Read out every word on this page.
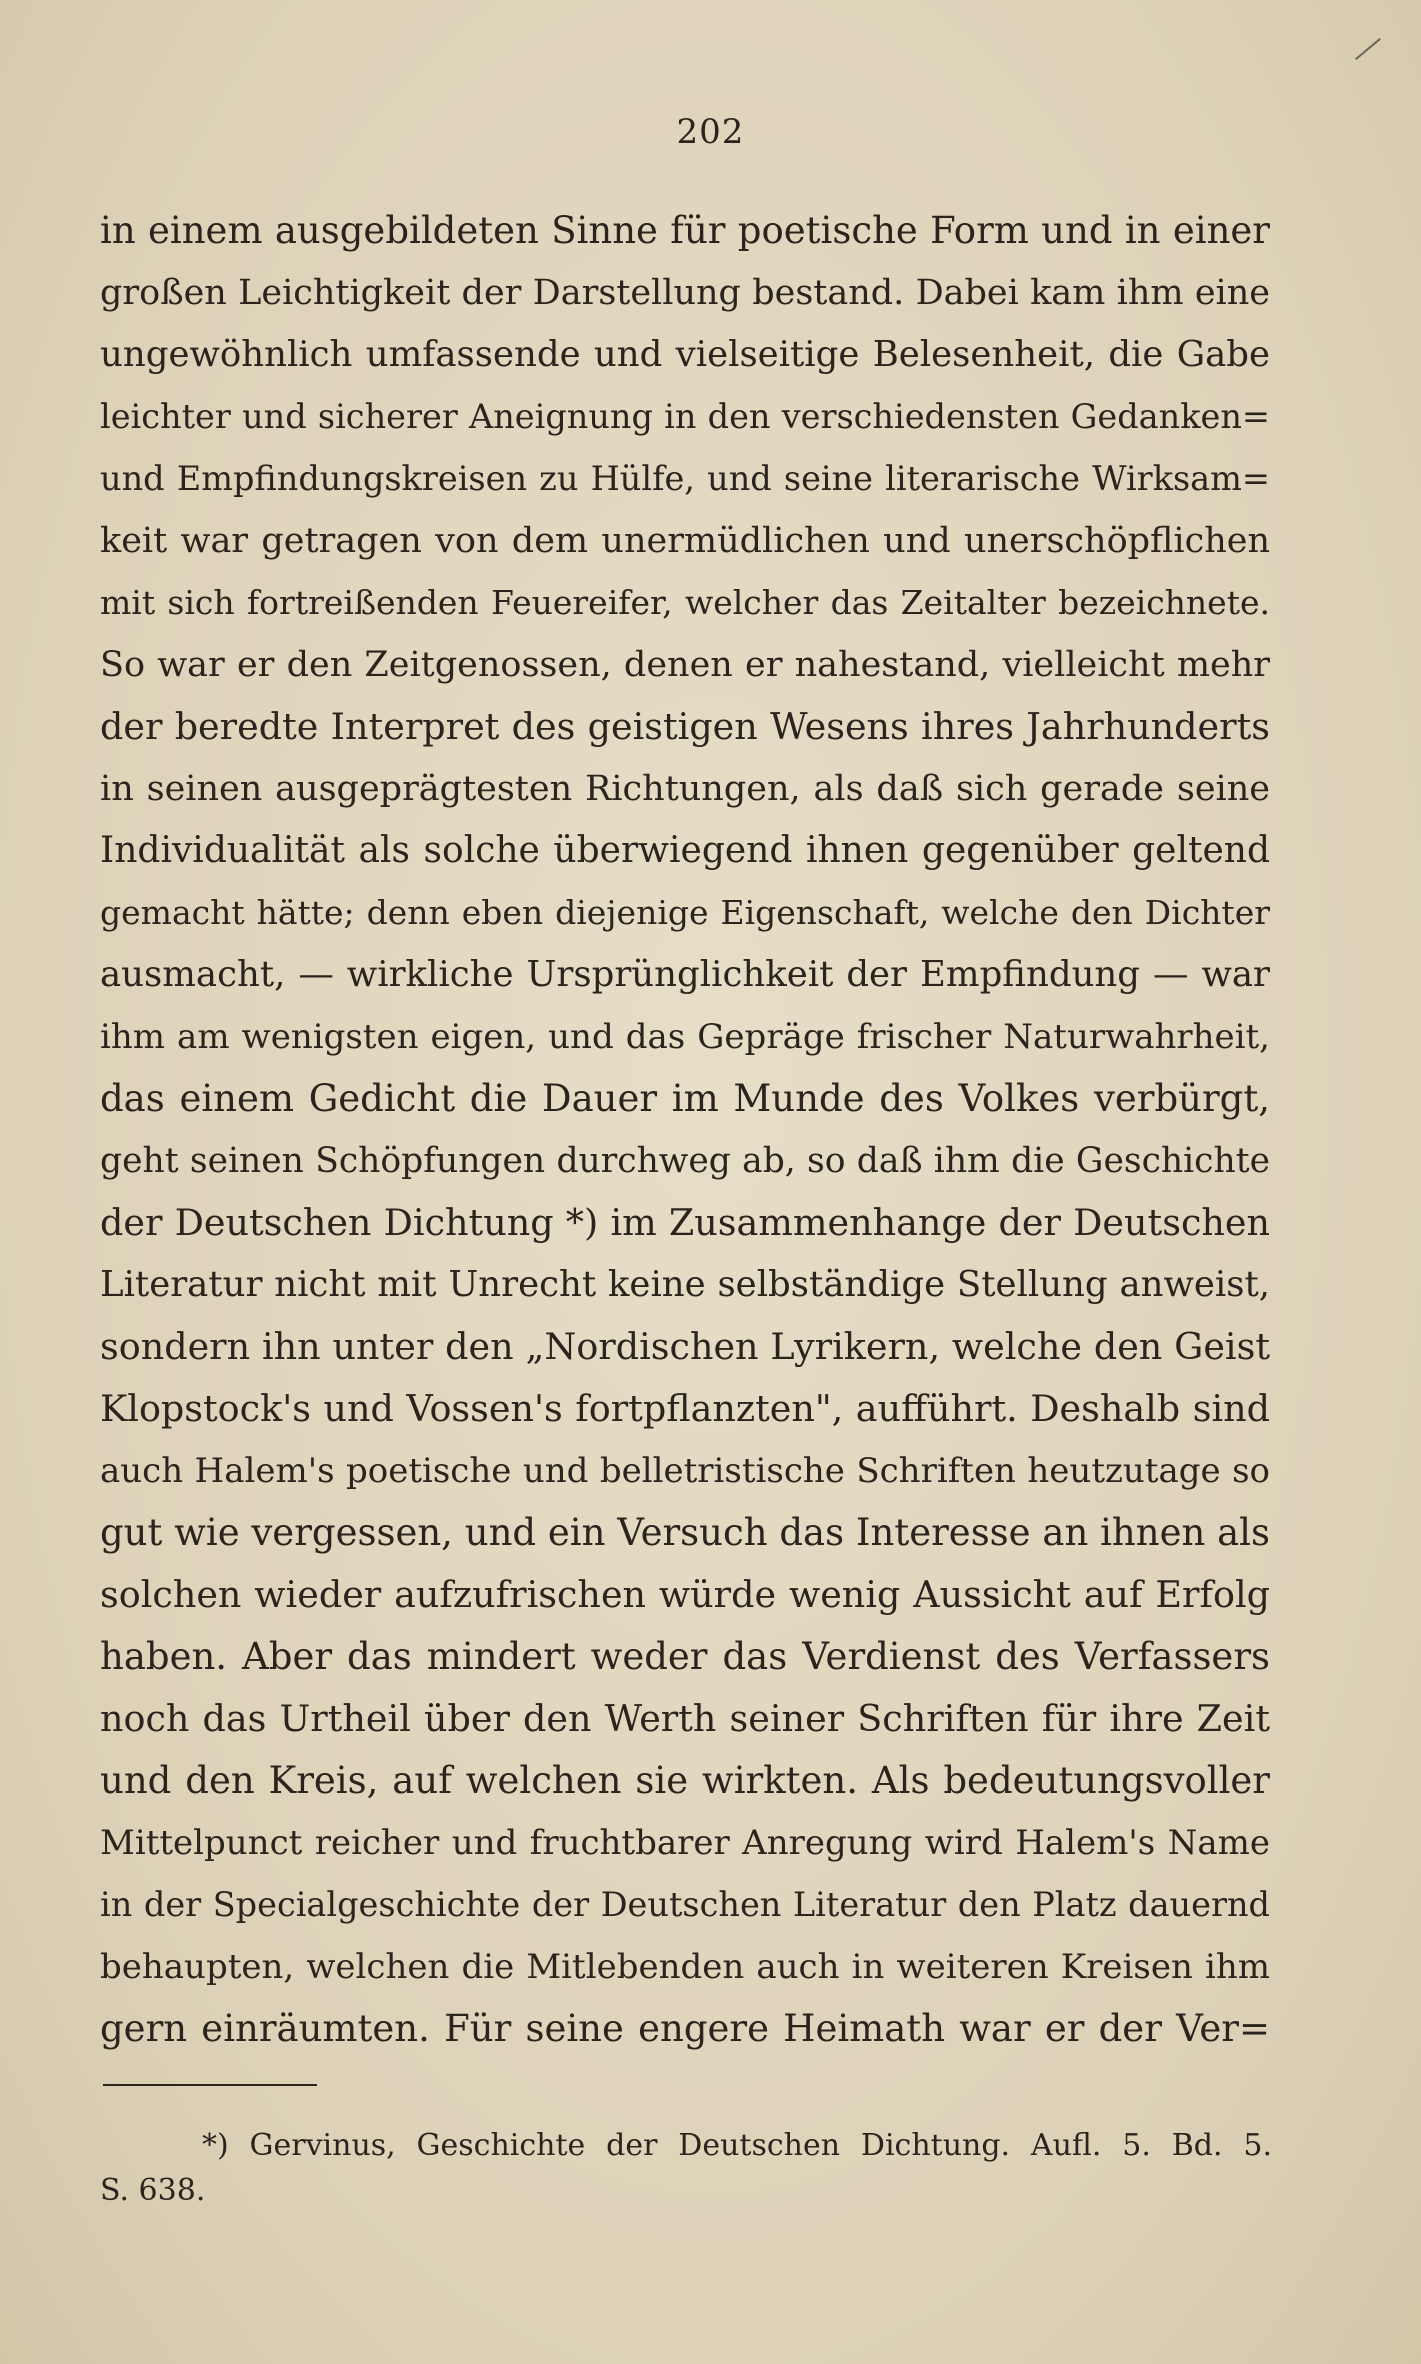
202
in einem ausgebildeten Sinne für poetische Form und in einer
großen Leichtigkeit der Darstellung bestand. Dabei kam ihm eine
ungewöhnlich umfassende und vielseitige Belesenheit, die Gabe
leichter und sicherer Aneignung in den verschiedensten Gedanken=
und Empfindungskreisen zu Hülfe, und seine literarische Wirksam=
keit war getragen von dem unermüdlichen und unerschöpflichen
mit sich fortreißenden Feuereifer, welcher das Zeitalter bezeichnete.
So war er den Zeitgenossen, denen er nahestand, vielleicht mehr
der beredte Interpret des geistigen Wesens ihres Jahrhunderts
in seinen ausgeprägtesten Richtungen, als daß sich gerade seine
Individualität als solche überwiegend ihnen gegenüber geltend
gemacht hätte; denn eben diejenige Eigenschaft, welche den Dichter
ausmacht, — wirkliche Ursprünglichkeit der Empfindung — war
ihm am wenigsten eigen, und das Gepräge frischer Naturwahrheit,
das einem Gedicht die Dauer im Munde des Volkes verbürgt,
geht seinen Schöpfungen durchweg ab, so daß ihm die Geschichte
der Deutschen Dichtung *) im Zusammenhange der Deutschen
Literatur nicht mit Unrecht keine selbständige Stellung anweist,
sondern ihn unter den „Nordischen Lyrikern, welche den Geist
Klopstock's und Vossen's fortpflanzten", aufführt. Deshalb sind
auch Halem's poetische und belletristische Schriften heutzutage so
gut wie vergessen, und ein Versuch das Interesse an ihnen als
solchen wieder aufzufrischen würde wenig Aussicht auf Erfolg
haben. Aber das mindert weder das Verdienst des Verfassers
noch das Urtheil über den Werth seiner Schriften für ihre Zeit
und den Kreis, auf welchen sie wirkten. Als bedeutungsvoller
Mittelpunct reicher und fruchtbarer Anregung wird Halem's Name
in der Specialgeschichte der Deutschen Literatur den Platz dauernd
behaupten, welchen die Mitlebenden auch in weiteren Kreisen ihm
gern einräumten. Für seine engere Heimath war er der Ver=
*) Gervinus, Geschichte der Deutschen Dichtung. Aufl. 5. Bd. 5.
S. 638.
